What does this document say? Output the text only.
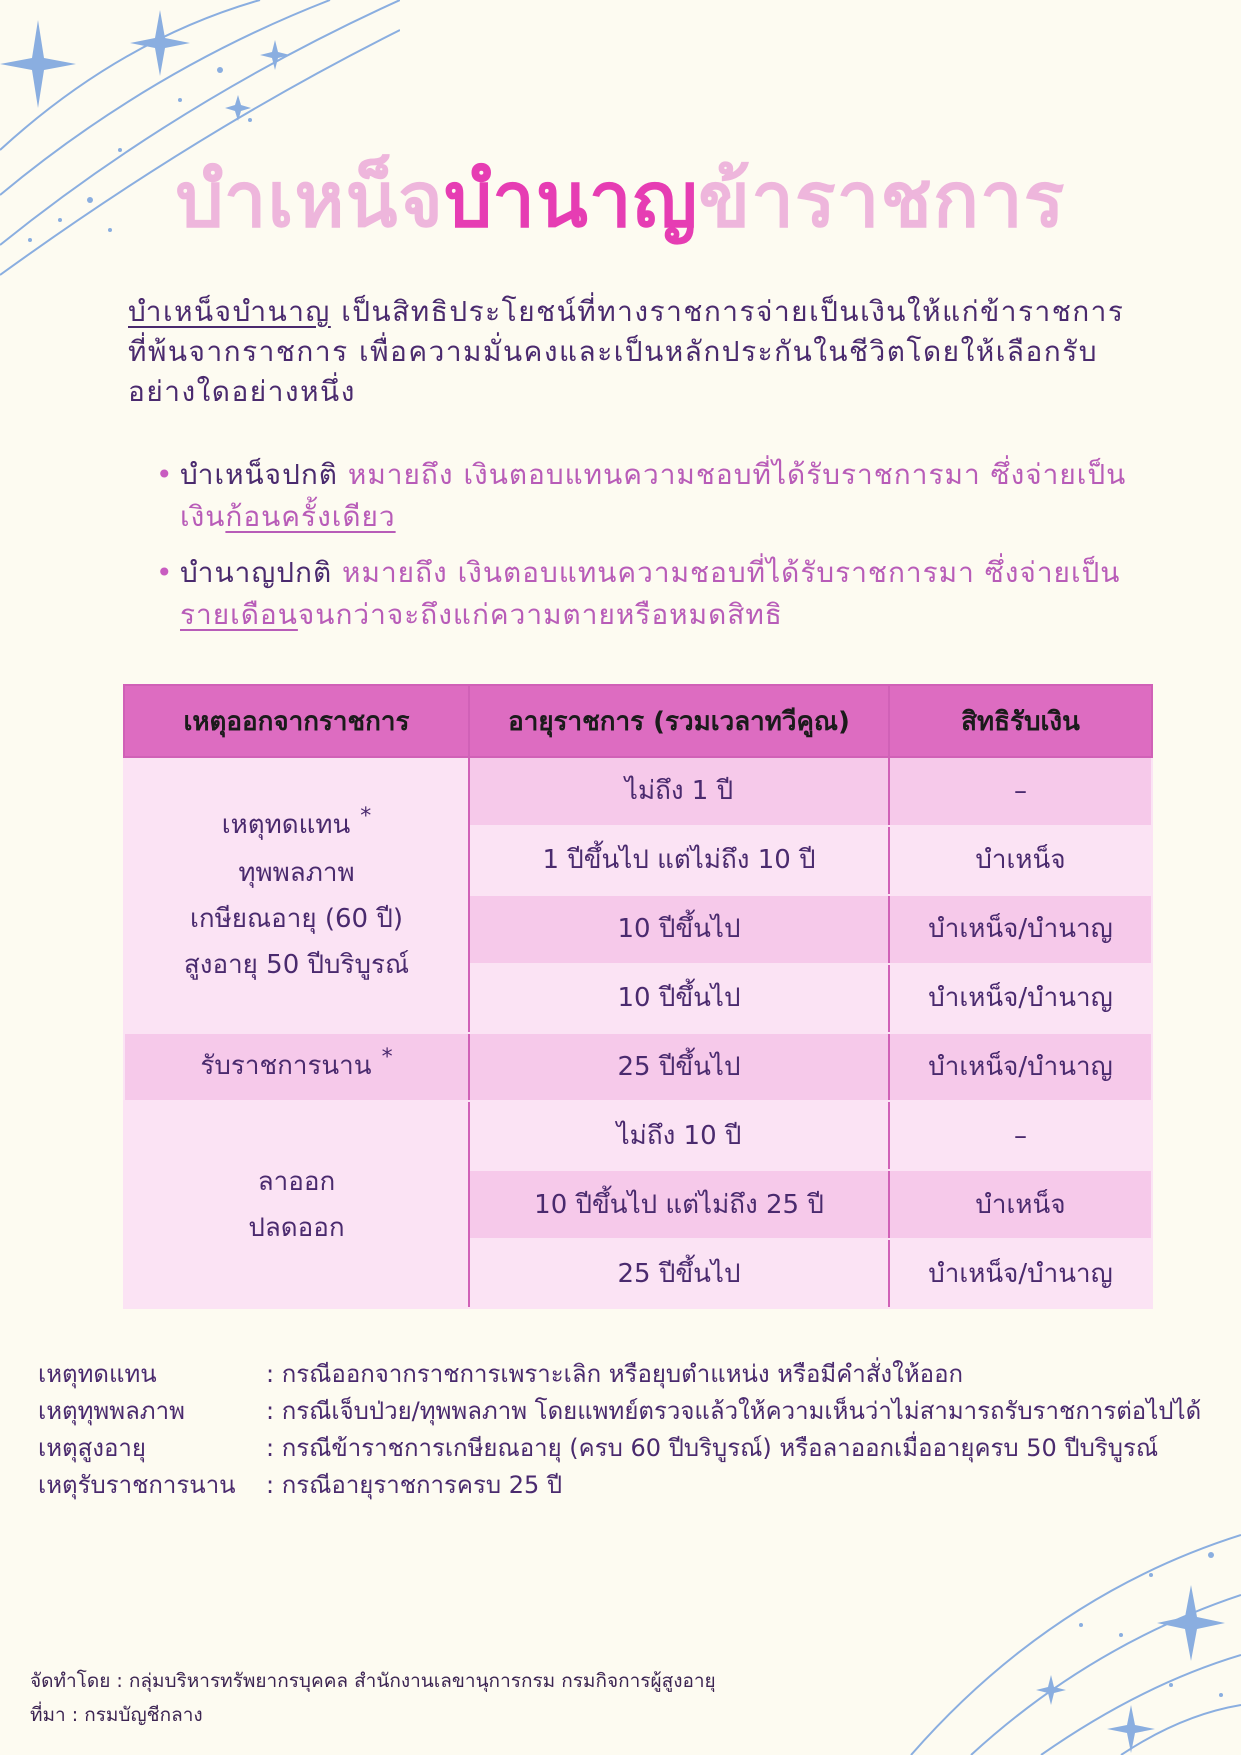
บำเหน็จบำนาญข้าราชการ
บำเหน็จบำนาญ เป็นสิทธิประโยชน์ที่ทางราชการจ่ายเป็นเงินให้แก่ข้าราชการที่พ้นจากราชการ เพื่อความมั่นคงและเป็นหลักประกันในชีวิตโดยให้เลือกรับอย่างใดอย่างหนึ่ง
• บำเหน็จปกติ หมายถึง เงินตอบแทนความชอบที่ได้รับราชการมา ซึ่งจ่ายเป็นเงินก้อนครั้งเดียว
• บำนาญปกติ หมายถึง เงินตอบแทนความชอบที่ได้รับราชการมา ซึ่งจ่ายเป็นรายเดือนจนกว่าจะถึงแก่ความตายหรือหมดสิทธิ
เหตุออกจากราชการ	อายุราชการ (รวมเวลาทวีคูณ)	สิทธิรับเงิน

เหตุทดแทน *
ทุพพลภาพ
เกษียณอายุ (60 ปี)
สูงอายุ 50 ปีบริบูรณ์	ไม่ถึง 1 ปี	–
	1 ปีขึ้นไป แต่ไม่ถึง 10 ปี	บำเหน็จ
	10 ปีขึ้นไป	บำเหน็จ/บำนาญ
	10 ปีขึ้นไป	บำเหน็จ/บำนาญ
รับราชการนาน *	25 ปีขึ้นไป	บำเหน็จ/บำนาญ

ลาออก
ปลดออก	ไม่ถึง 10 ปี	–
	10 ปีขึ้นไป แต่ไม่ถึง 25 ปี	บำเหน็จ
	25 ปีขึ้นไป	บำเหน็จ/บำนาญ
เหตุทดแทน	: กรณีออกจากราชการเพราะเลิก หรือยุบตำแหน่ง หรือมีคำสั่งให้ออก
เหตุทุพพลภาพ	: กรณีเจ็บป่วย/ทุพพลภาพ โดยแพทย์ตรวจแล้วให้ความเห็นว่าไม่สามารถรับราชการต่อไปได้
เหตุสูงอายุ	: กรณีข้าราชการเกษียณอายุ (ครบ 60 ปีบริบูรณ์) หรือลาออกเมื่ออายุครบ 50 ปีบริบูรณ์
เหตุรับราชการนาน	: กรณีอายุราชการครบ 25 ปี
จัดทำโดย : กลุ่มบริหารทรัพยากรบุคคล สำนักงานเลขานุการกรม กรมกิจการผู้สูงอายุ
ที่มา : กรมบัญชีกลาง
